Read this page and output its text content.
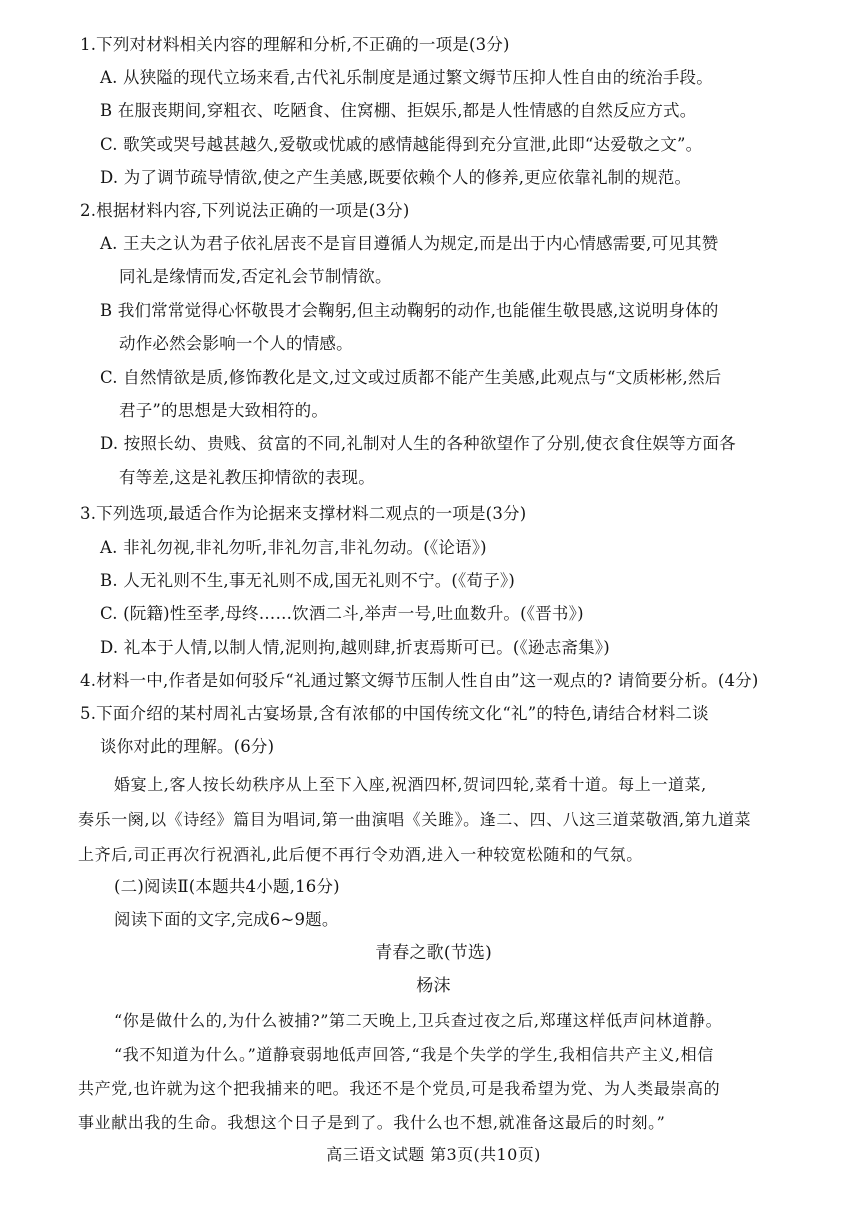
1.下列对材料相关内容的理解和分析,不正确的一项是(3分)
A. 从狭隘的现代立场来看,古代礼乐制度是通过繁文缛节压抑人性自由的统治手段。
B 在服丧期间,穿粗衣、吃陋食、住窝棚、拒娱乐,都是人性情感的自然反应方式。
C. 歌笑或哭号越甚越久,爱敬或忧戚的感情越能得到充分宣泄,此即“达爱敬之文”。
D. 为了调节疏导情欲,使之产生美感,既要依赖个人的修养,更应依靠礼制的规范。
2.根据材料内容,下列说法正确的一项是(3分)
A. 王夫之认为君子依礼居丧不是盲目遵循人为规定,而是出于内心情感需要,可见其赞
同礼是缘情而发,否定礼会节制情欲。
B 我们常常觉得心怀敬畏才会鞠躬,但主动鞠躬的动作,也能催生敬畏感,这说明身体的
动作必然会影响一个人的情感。
C. 自然情欲是质,修饰教化是文,过文或过质都不能产生美感,此观点与“文质彬彬,然后
君子”的思想是大致相符的。
D. 按照长幼、贵贱、贫富的不同,礼制对人生的各种欲望作了分别,使衣食住娱等方面各
有等差,这是礼教压抑情欲的表现。
3.下列选项,最适合作为论据来支撑材料二观点的一项是(3分)
A. 非礼勿视,非礼勿听,非礼勿言,非礼勿动。(《论语》)
B. 人无礼则不生,事无礼则不成,国无礼则不宁。(《荀子》)
C. (阮籍)性至孝,母终……饮酒二斗,举声一号,吐血数升。(《晋书》)
D. 礼本于人情,以制人情,泥则拘,越则肆,折衷焉斯可已。(《逊志斋集》)
4.材料一中,作者是如何驳斥“礼通过繁文缛节压制人性自由”这一观点的? 请简要分析。(4分)
5.下面介绍的某村周礼古宴场景,含有浓郁的中国传统文化“礼”的特色,请结合材料二谈
谈你对此的理解。(6分)
婚宴上,客人按长幼秩序从上至下入座,祝酒四杯,贺词四轮,菜肴十道。每上一道菜,
奏乐一阕,以《诗经》篇目为唱词,第一曲演唱《关雎》。逢二、四、八这三道菜敬酒,第九道菜
上齐后,司正再次行祝酒礼,此后便不再行令劝酒,进入一种较宽松随和的气氛。
(二)阅读Ⅱ(本题共4小题,16分)
阅读下面的文字,完成6~9题。
青春之歌(节选)
杨沫
“你是做什么的,为什么被捕?”第二天晚上,卫兵查过夜之后,郑瑾这样低声问林道静。
“我不知道为什么。”道静衰弱地低声回答,“我是个失学的学生,我相信共产主义,相信
共产党,也许就为这个把我捕来的吧。我还不是个党员,可是我希望为党、为人类最崇高的
事业献出我的生命。我想这个日子是到了。我什么也不想,就准备这最后的时刻。”
高三语文试题 第3页(共10页)
